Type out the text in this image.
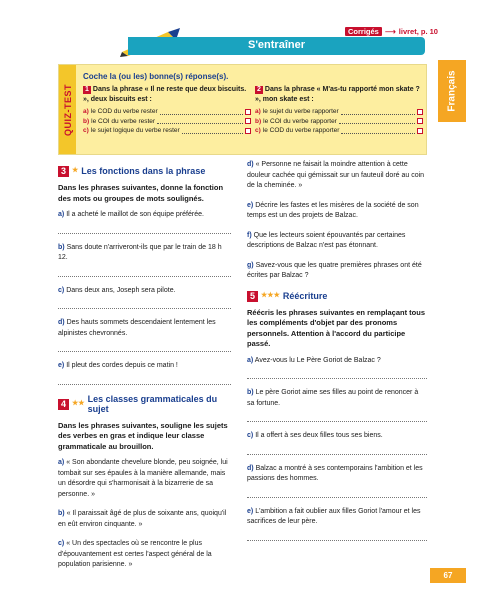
Corrigés ⟶ livret, p. 10
S'entraîner
Français
QUIZ-TEST
Coche la (ou les) bonne(s) réponse(s).
1 Dans la phrase « Il ne reste que deux biscuits. », deux biscuits est :
a) le COD du verbe rester
b) le COI du verbe rester
c) le sujet logique du verbe rester
2 Dans la phrase « M'as-tu rapporté mon skate ? », mon skate est :
a) le sujet du verbe rapporter
b) le COI du verbe rapporter
c) le COD du verbe rapporter
3 ★ Les fonctions dans la phrase
Dans les phrases suivantes, donne la fonction des mots ou groupes de mots soulignés.
a) Il a acheté le maillot de son équipe préférée.
b) Sans doute n'arriveront-ils que par le train de 18 h 12.
c) Dans deux ans, Joseph sera pilote.
d) Des hauts sommets descendaient lentement les alpinistes chevronnés.
e) Il pleut des cordes depuis ce matin !
4 ★★ Les classes grammaticales du sujet
Dans les phrases suivantes, souligne les sujets des verbes en gras et indique leur classe grammaticale au brouillon.
a) « Son abondante chevelure blonde, peu soignée, lui tombait sur ses épaules à la manière allemande, mais un désordre qui s'harmonisait à la bizarrerie de sa personne. »
b) « Il paraissait âgé de plus de soixante ans, quoiqu'il en eût environ cinquante. »
c) « Un des spectacles où se rencontre le plus d'épouvantement est certes l'aspect général de la population parisienne. »
d) « Personne ne faisait la moindre attention à cette douleur cachée qui gémissait sur un fauteuil doré au coin de la cheminée. »
e) Décrire les fastes et les misères de la société de son temps est un des projets de Balzac.
f) Que les lecteurs soient épouvantés par certaines descriptions de Balzac n'est pas étonnant.
g) Savez-vous que les quatre premières phrases ont été écrites par Balzac ?
5 ★★★ Réécriture
Réécris les phrases suivantes en remplaçant tous les compléments d'objet par des pronoms personnels. Attention à l'accord du participe passé.
a) Avez-vous lu Le Père Goriot de Balzac ?
b) Le père Goriot aime ses filles au point de renoncer à sa fortune.
c) Il a offert à ses deux filles tous ses biens.
d) Balzac a montré à ses contemporains l'ambition et les passions des hommes.
e) L'ambition a fait oublier aux filles Goriot l'amour et les sacrifices de leur père.
67
